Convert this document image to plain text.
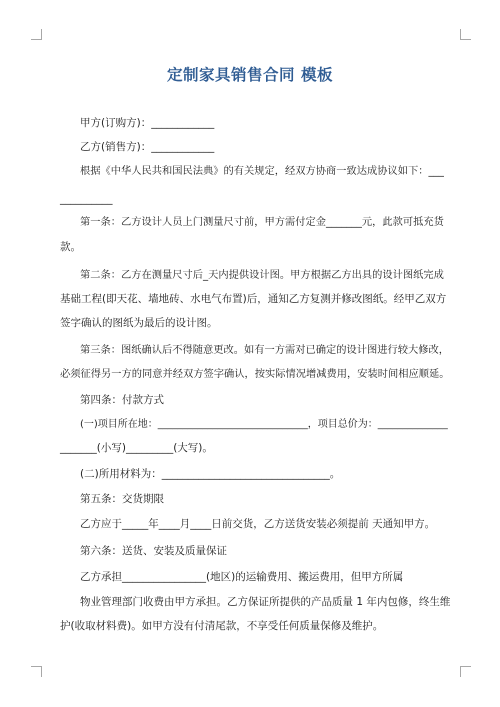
定制家具销售合同 模板

甲方(订购方)：____________

乙方(销售方)：____________

根据《中华人民共和国民法典》的有关规定，经双方协商一致达成协议如下：___

__________

第一条：乙方设计人员上门测量尺寸前，甲方需付定金_______元，此款可抵充货

款。

第二条：乙方在测量尺寸后_天内提供设计图。甲方根据乙方出具的设计图纸完成

基础工程(即天花、墙地砖、水电气布置)后，通知乙方复测并修改图纸。经甲乙双方

签字确认的图纸为最后的设计图。

第三条：图纸确认后不得随意更改。如有一方需对已确定的设计图进行较大修改，

必须征得另一方的同意并经双方签字确认，按实际情况增减费用，安装时间相应顺延。

第四条：付款方式

(一)项目所在地：______________________________，项目总价为：______________

_______(小写)_________(大写)。

(二)所用材料为：________________________________。

第五条：交货期限

乙方应于_____年____月____日前交货，乙方送货安装必须提前 天通知甲方。

第六条：送货、安装及质量保证

乙方承担________________(地区)的运输费用、搬运费用，但甲方所属

物业管理部门收费由甲方承担。乙方保证所提供的产品质量 1 年内包修，终生维

护(收取材料费)。如甲方没有付清尾款，不享受任何质量保修及维护。
